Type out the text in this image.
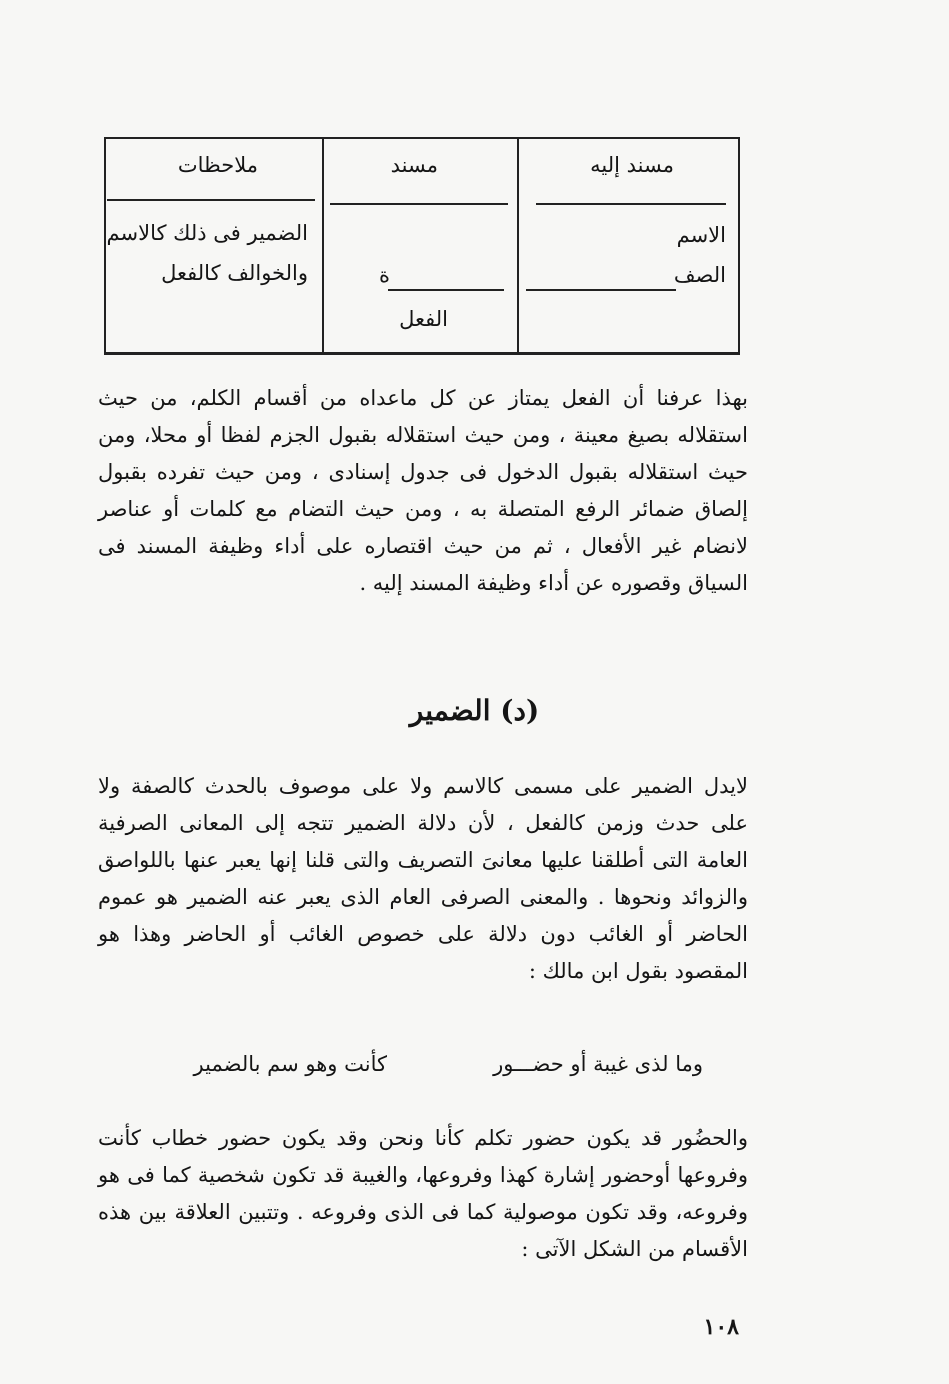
مسند إليه
مسند
ملاحظات
الاسم
الصف
ة
الفعل
الضمير فى ذلك كالاسم
والخوالف كالفعل

بهذا عرفنا أن الفعل يمتاز عن كل ماعداه من أقسام الكلم، من حيث استقلاله بصيغ معينة ، ومن حيث استقلاله بقبول الجزم لفظا أو محلا، ومن حيث استقلاله بقبول الدخول فى جدول إسنادى ، ومن حيث تفرده بقبول إلصاق ضمائر الرفع المتصلة به ، ومن حيث التضام مع كلمات أو عناصر لانضام غير الأفعال ، ثم من حيث اقتصاره على أداء وظيفة المسند فى السياق وقصوره عن أداء وظيفة المسند إليه .

(د) الضمير

لايدل الضمير على مسمى كالاسم ولا على موصوف بالحدث كالصفة ولا على حدث وزمن كالفعل ، لأن دلالة الضمير تتجه إلى المعانى الصرفية العامة التى أطلقنا عليها معانىَ التصريف والتى قلنا إنها يعبر عنها باللواصق والزوائد ونحوها . والمعنى الصرفى العام الذى يعبر عنه الضمير هو عموم الحاضر أو الغائب دون دلالة على خصوص الغائب أو الحاضر وهذا هو المقصود بقول ابن مالك :

وما لذى غيبة أو حضـــور
كأنت وهو سم بالضمير

والحضُور قد يكون حضور تكلم كأنا ونحن وقد يكون حضور خطاب كأنت وفروعها أوحضور إشارة كهذا وفروعها، والغيبة قد تكون شخصية كما فى هو وفروعه، وقد تكون موصولية كما فى الذى وفروعه . وتتبين العلاقة بين هذه الأقسام من الشكل الآتى :

١٠٨
